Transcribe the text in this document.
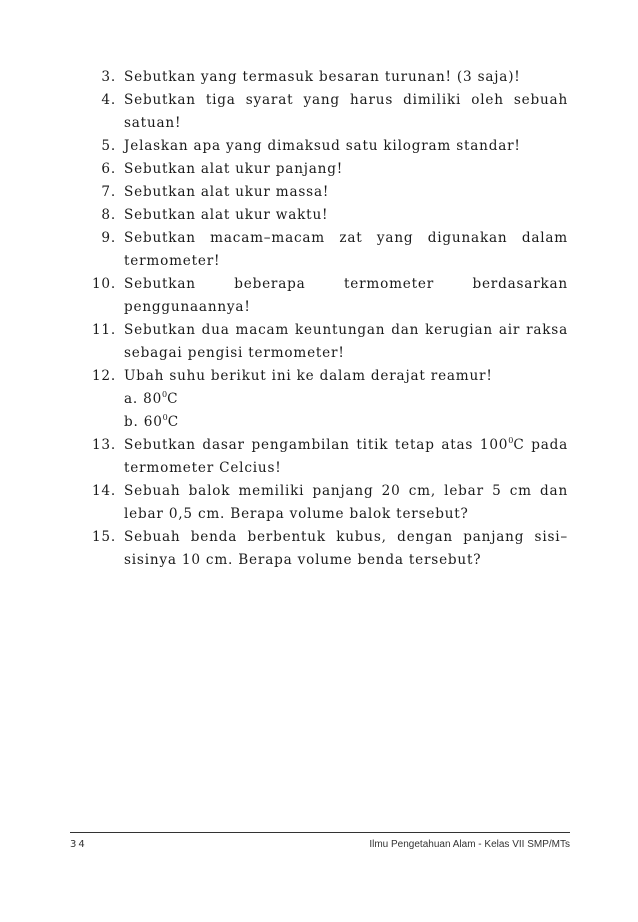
3. Sebutkan yang termasuk besaran turunan! (3 saja)!
4. Sebutkan tiga syarat yang harus dimiliki oleh sebuah satuan!
5. Jelaskan apa yang dimaksud satu kilogram standar!
6. Sebutkan alat ukur panjang!
7. Sebutkan alat ukur massa!
8. Sebutkan alat ukur waktu!
9. Sebutkan macam–macam zat yang digunakan dalam termometer!
10. Sebutkan beberapa termometer berdasarkan penggunaannya!
11. Sebutkan dua macam keuntungan dan kerugian air raksa sebagai pengisi termometer!
12. Ubah suhu berikut ini ke dalam derajat reamur!
a. $80^0C$
b. $60^0C$
13. Sebutkan dasar pengambilan titik tetap atas $100^0C$ pada termometer Celcius!
14. Sebuah balok memiliki panjang 20 cm, lebar 5 cm dan lebar 0,5 cm. Berapa volume balok tersebut?
15. Sebuah benda berbentuk kubus, dengan panjang sisi–sisinya 10 cm. Berapa volume benda tersebut?
34	Ilmu Pengetahuan Alam - Kelas VII SMP/MTs
